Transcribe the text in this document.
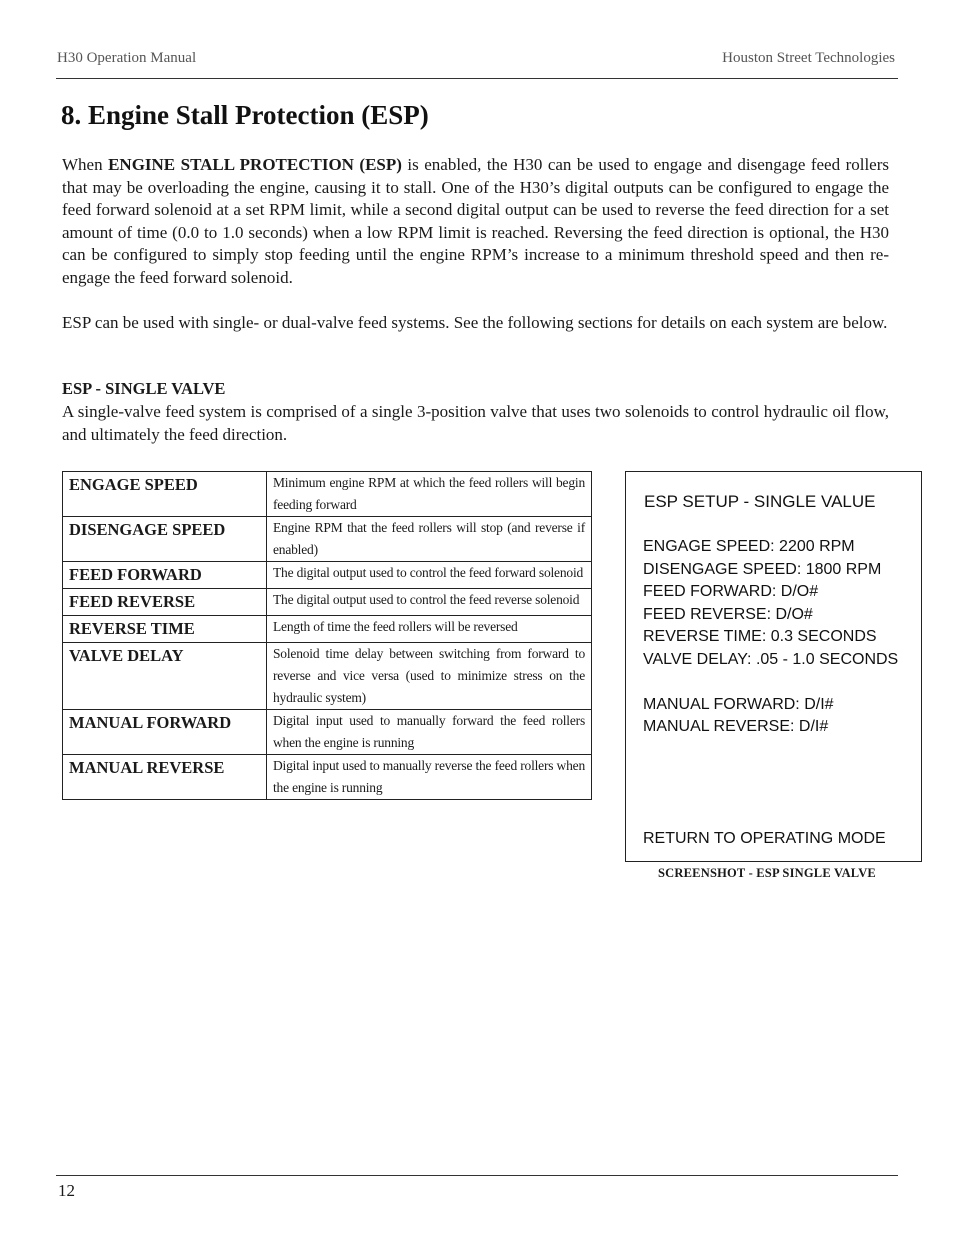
H30 Operation Manual	Houston Street Technologies
8. Engine Stall Protection (ESP)

When ENGINE STALL PROTECTION (ESP) is enabled, the H30 can be used to engage and disengage feed rollers that may be overloading the engine, causing it to stall. One of the H30’s digital outputs can be configured to engage the feed forward solenoid at a set RPM limit, while a second digital output can be used to reverse the feed direction for a set amount of time (0.0 to 1.0 seconds) when a low RPM limit is reached. Reversing the feed direction is optional, the H30 can be configured to simply stop feeding until the engine RPM’s increase to a minimum threshold speed and then re-engage the feed forward solenoid.

ESP can be used with single- or dual-valve feed systems. See the following sections for details on each system are below.

ESP - SINGLE VALVE

A single-valve feed system is comprised of a single 3-position valve that uses two solenoids to control hydraulic oil flow, and ultimately the feed direction.

ENGAGE SPEED	Minimum engine RPM at which the feed rollers will begin feeding forward
DISENGAGE SPEED	Engine RPM that the feed rollers will stop (and reverse if enabled)
FEED FORWARD	The digital output used to control the feed forward solenoid
FEED REVERSE	The digital output used to control the feed reverse solenoid
REVERSE TIME	Length of time the feed rollers will be reversed
VALVE DELAY	Solenoid time delay between switching from forward to reverse and vice versa (used to minimize stress on the hydraulic system)
MANUAL FORWARD	Digital input used to manually forward the feed rollers when the engine is running
MANUAL REVERSE	Digital input used to manually reverse the feed rollers when the engine is running
ESP SETUP - SINGLE VALUE
ENGAGE SPEED: 2200 RPM
DISENGAGE SPEED: 1800 RPM
FEED FORWARD: D/O#
FEED REVERSE: D/O#
REVERSE TIME: 0.3 SECONDS
VALVE DELAY: .05 - 1.0 SECONDS
MANUAL FORWARD: D/I#
MANUAL REVERSE: D/I#
RETURN TO OPERATING MODE
SCREENSHOT - ESP SINGLE VALVE
12
